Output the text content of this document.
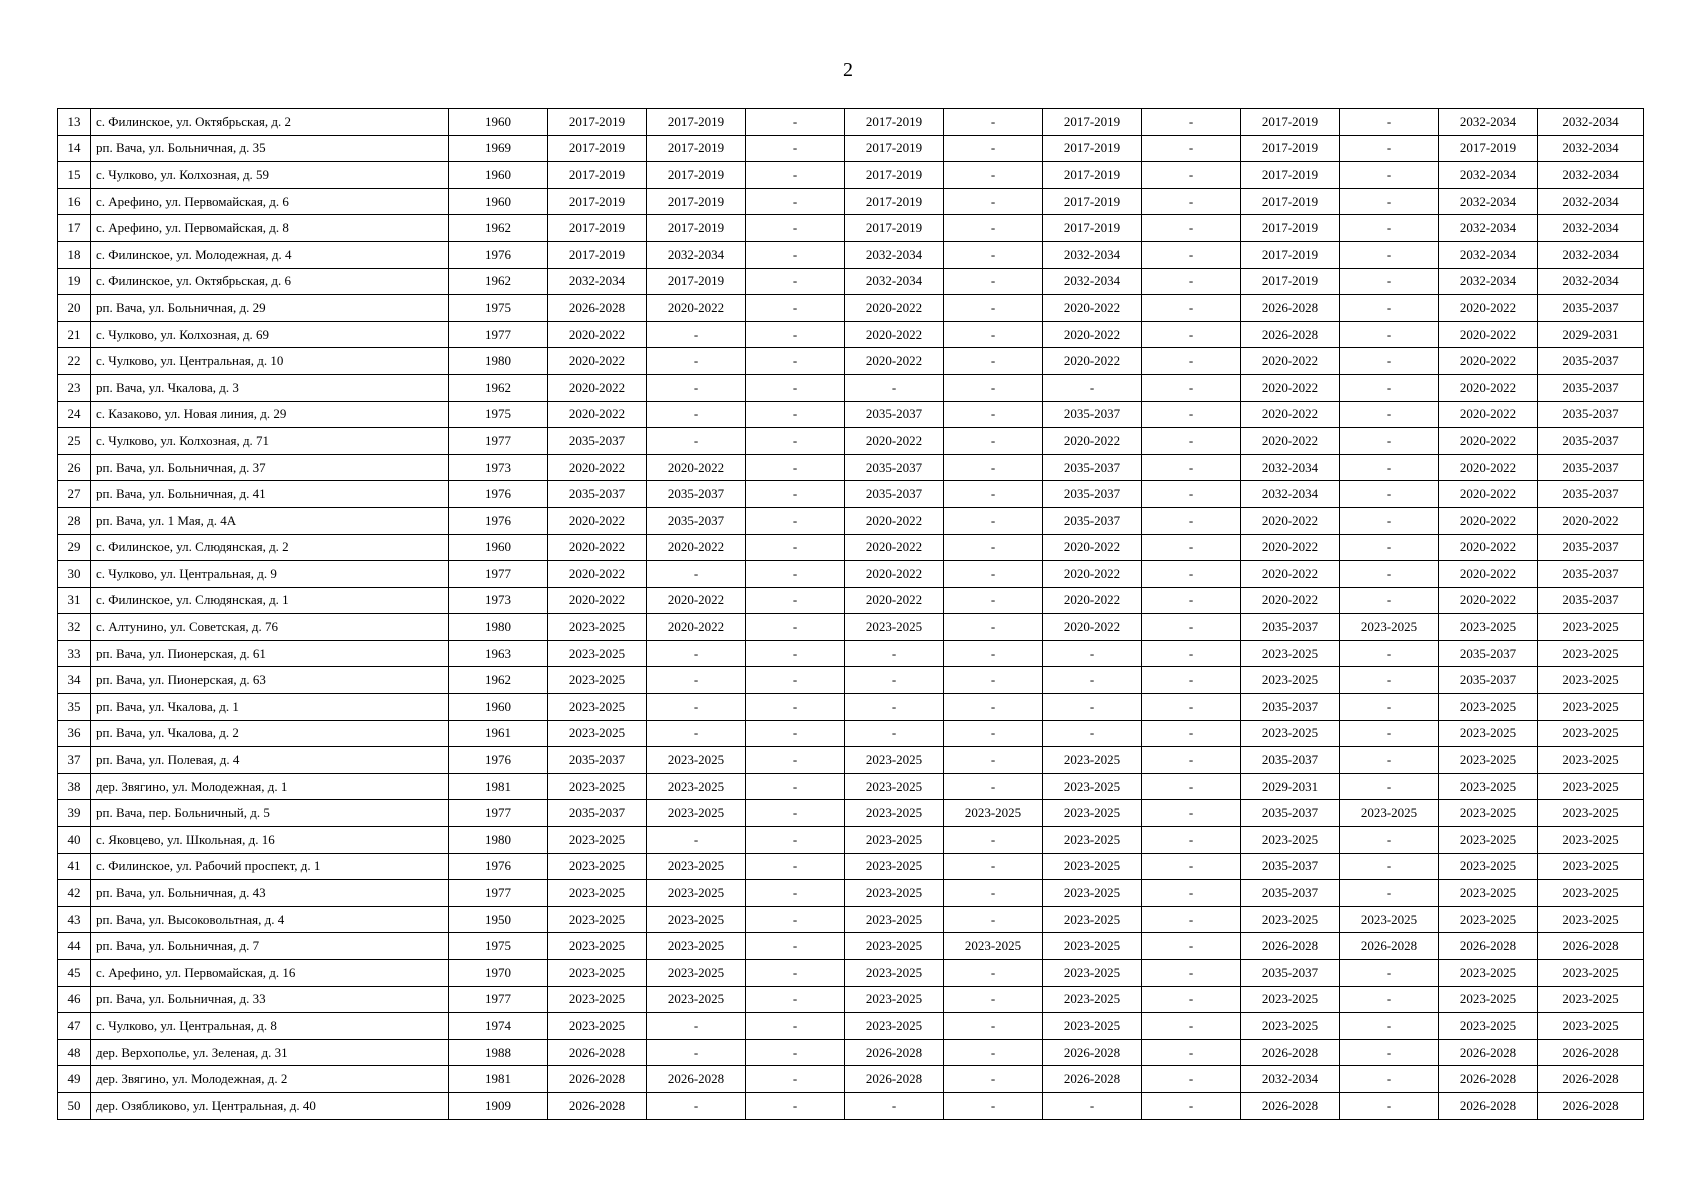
2
13	с. Филинское, ул. Октябрьская, д. 2	1960	2017-2019	2017-2019	-	2017-2019	-	2017-2019	-	2017-2019	-	2032-2034	2032-2034
14	рп. Вача, ул. Больничная, д. 35	1969	2017-2019	2017-2019	-	2017-2019	-	2017-2019	-	2017-2019	-	2017-2019	2032-2034
15	с. Чулково, ул. Колхозная, д. 59	1960	2017-2019	2017-2019	-	2017-2019	-	2017-2019	-	2017-2019	-	2032-2034	2032-2034
16	с. Арефино, ул. Первомайская, д. 6	1960	2017-2019	2017-2019	-	2017-2019	-	2017-2019	-	2017-2019	-	2032-2034	2032-2034
17	с. Арефино, ул. Первомайская, д. 8	1962	2017-2019	2017-2019	-	2017-2019	-	2017-2019	-	2017-2019	-	2032-2034	2032-2034
18	с. Филинское, ул. Молодежная, д. 4	1976	2017-2019	2032-2034	-	2032-2034	-	2032-2034	-	2017-2019	-	2032-2034	2032-2034
19	с. Филинское, ул. Октябрьская, д. 6	1962	2032-2034	2017-2019	-	2032-2034	-	2032-2034	-	2017-2019	-	2032-2034	2032-2034
20	рп. Вача, ул. Больничная, д. 29	1975	2026-2028	2020-2022	-	2020-2022	-	2020-2022	-	2026-2028	-	2020-2022	2035-2037
21	с. Чулково, ул. Колхозная, д. 69	1977	2020-2022	-	-	2020-2022	-	2020-2022	-	2026-2028	-	2020-2022	2029-2031
22	с. Чулково, ул. Центральная, д. 10	1980	2020-2022	-	-	2020-2022	-	2020-2022	-	2020-2022	-	2020-2022	2035-2037
23	рп. Вача, ул. Чкалова, д. 3	1962	2020-2022	-	-	-	-	-	-	2020-2022	-	2020-2022	2035-2037
24	с. Казаково, ул. Новая линия, д. 29	1975	2020-2022	-	-	2035-2037	-	2035-2037	-	2020-2022	-	2020-2022	2035-2037
25	с. Чулково, ул. Колхозная, д. 71	1977	2035-2037	-	-	2020-2022	-	2020-2022	-	2020-2022	-	2020-2022	2035-2037
26	рп. Вача, ул. Больничная, д. 37	1973	2020-2022	2020-2022	-	2035-2037	-	2035-2037	-	2032-2034	-	2020-2022	2035-2037
27	рп. Вача, ул. Больничная, д. 41	1976	2035-2037	2035-2037	-	2035-2037	-	2035-2037	-	2032-2034	-	2020-2022	2035-2037
28	рп. Вача, ул. 1 Мая, д. 4А	1976	2020-2022	2035-2037	-	2020-2022	-	2035-2037	-	2020-2022	-	2020-2022	2020-2022
29	с. Филинское, ул. Слюдянская, д. 2	1960	2020-2022	2020-2022	-	2020-2022	-	2020-2022	-	2020-2022	-	2020-2022	2035-2037
30	с. Чулково, ул. Центральная, д. 9	1977	2020-2022	-	-	2020-2022	-	2020-2022	-	2020-2022	-	2020-2022	2035-2037
31	с. Филинское, ул. Слюдянская, д. 1	1973	2020-2022	2020-2022	-	2020-2022	-	2020-2022	-	2020-2022	-	2020-2022	2035-2037
32	с. Алтунино, ул. Советская, д. 76	1980	2023-2025	2020-2022	-	2023-2025	-	2020-2022	-	2035-2037	2023-2025	2023-2025	2023-2025
33	рп. Вача, ул. Пионерская, д. 61	1963	2023-2025	-	-	-	-	-	-	2023-2025	-	2035-2037	2023-2025
34	рп. Вача, ул. Пионерская, д. 63	1962	2023-2025	-	-	-	-	-	-	2023-2025	-	2035-2037	2023-2025
35	рп. Вача, ул. Чкалова, д. 1	1960	2023-2025	-	-	-	-	-	-	2035-2037	-	2023-2025	2023-2025
36	рп. Вача, ул. Чкалова, д. 2	1961	2023-2025	-	-	-	-	-	-	2023-2025	-	2023-2025	2023-2025
37	рп. Вача, ул. Полевая, д. 4	1976	2035-2037	2023-2025	-	2023-2025	-	2023-2025	-	2035-2037	-	2023-2025	2023-2025
38	дер. Звягино, ул. Молодежная, д. 1	1981	2023-2025	2023-2025	-	2023-2025	-	2023-2025	-	2029-2031	-	2023-2025	2023-2025
39	рп. Вача, пер. Больничный, д. 5	1977	2035-2037	2023-2025	-	2023-2025	2023-2025	2023-2025	-	2035-2037	2023-2025	2023-2025	2023-2025
40	с. Яковцево, ул. Школьная, д. 16	1980	2023-2025	-	-	2023-2025	-	2023-2025	-	2023-2025	-	2023-2025	2023-2025
41	с. Филинское, ул. Рабочий проспект, д. 1	1976	2023-2025	2023-2025	-	2023-2025	-	2023-2025	-	2035-2037	-	2023-2025	2023-2025
42	рп. Вача, ул. Больничная, д. 43	1977	2023-2025	2023-2025	-	2023-2025	-	2023-2025	-	2035-2037	-	2023-2025	2023-2025
43	рп. Вача, ул. Высоковольтная, д. 4	1950	2023-2025	2023-2025	-	2023-2025	-	2023-2025	-	2023-2025	2023-2025	2023-2025	2023-2025
44	рп. Вача, ул. Больничная, д. 7	1975	2023-2025	2023-2025	-	2023-2025	2023-2025	2023-2025	-	2026-2028	2026-2028	2026-2028	2026-2028
45	с. Арефино, ул. Первомайская, д. 16	1970	2023-2025	2023-2025	-	2023-2025	-	2023-2025	-	2035-2037	-	2023-2025	2023-2025
46	рп. Вача, ул. Больничная, д. 33	1977	2023-2025	2023-2025	-	2023-2025	-	2023-2025	-	2023-2025	-	2023-2025	2023-2025
47	с. Чулково, ул. Центральная, д. 8	1974	2023-2025	-	-	2023-2025	-	2023-2025	-	2023-2025	-	2023-2025	2023-2025
48	дер. Верхополье, ул. Зеленая, д. 31	1988	2026-2028	-	-	2026-2028	-	2026-2028	-	2026-2028	-	2026-2028	2026-2028
49	дер. Звягино, ул. Молодежная, д. 2	1981	2026-2028	2026-2028	-	2026-2028	-	2026-2028	-	2032-2034	-	2026-2028	2026-2028
50	дер. Озябликово, ул. Центральная, д. 40	1909	2026-2028	-	-	-	-	-	-	2026-2028	-	2026-2028	2026-2028
